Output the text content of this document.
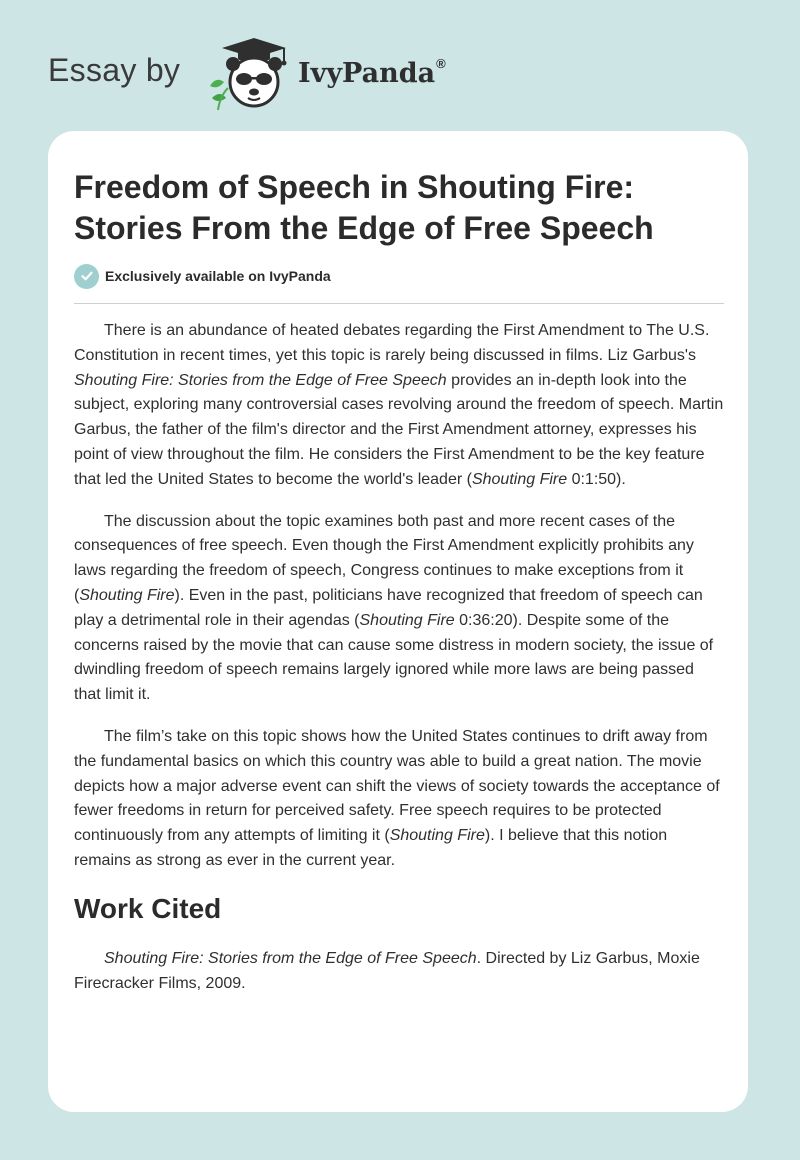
Essay by	IvyPanda®
Freedom of Speech in Shouting Fire: Stories From the Edge of Free Speech
Exclusively available on IvyPanda

There is an abundance of heated debates regarding the First Amendment to The U.S. Constitution in recent times, yet this topic is rarely being discussed in films. Liz Garbus's Shouting Fire: Stories from the Edge of Free Speech provides an in-depth look into the subject, exploring many controversial cases revolving around the freedom of speech. Martin Garbus, the father of the film's director and the First Amendment attorney, expresses his point of view throughout the film. He considers the First Amendment to be the key feature that led the United States to become the world's leader (Shouting Fire 0:1:50).

The discussion about the topic examines both past and more recent cases of the consequences of free speech. Even though the First Amendment explicitly prohibits any laws regarding the freedom of speech, Congress continues to make exceptions from it (Shouting Fire). Even in the past, politicians have recognized that freedom of speech can play a detrimental role in their agendas (Shouting Fire 0:36:20). Despite some of the concerns raised by the movie that can cause some distress in modern society, the issue of dwindling freedom of speech remains largely ignored while more laws are being passed that limit it.

The film’s take on this topic shows how the United States continues to drift away from the fundamental basics on which this country was able to build a great nation. The movie depicts how a major adverse event can shift the views of society towards the acceptance of fewer freedoms in return for perceived safety. Free speech requires to be protected continuously from any attempts of limiting it (Shouting Fire). I believe that this notion remains as strong as ever in the current year.

Work Cited

Shouting Fire: Stories from the Edge of Free Speech. Directed by Liz Garbus, Moxie Firecracker Films, 2009.
